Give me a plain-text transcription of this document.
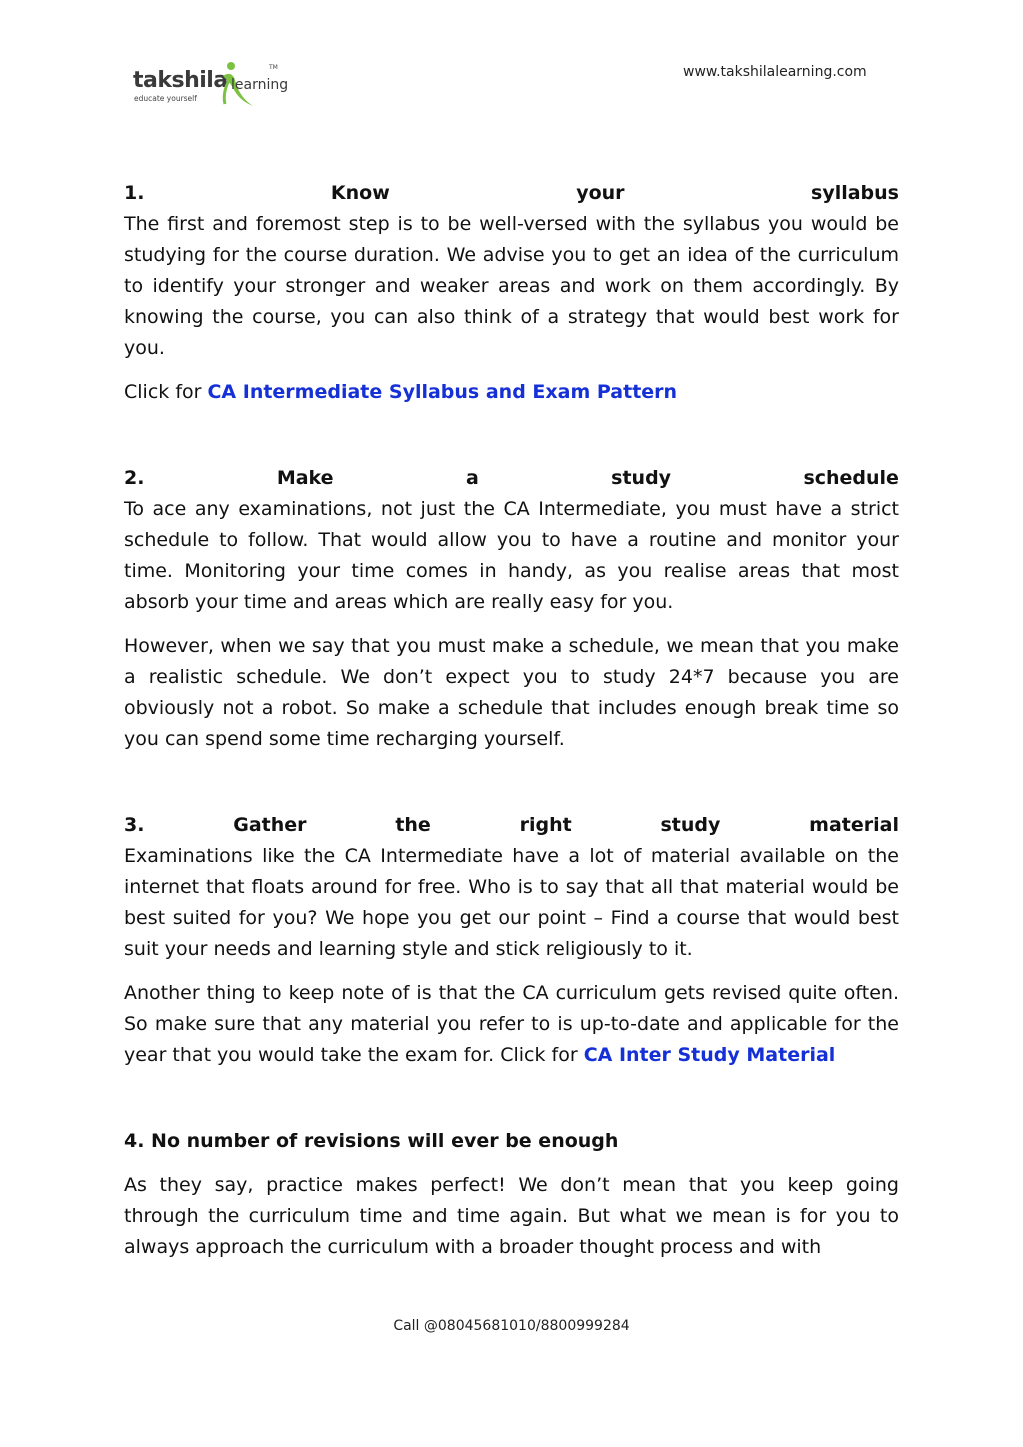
takshila learning
TM
educate yourself
www.takshilalearning.com
1.	Know	your	syllabus

The first and foremost step is to be well-versed with the syllabus you would be studying for the course duration. We advise you to get an idea of the curriculum to identify your stronger and weaker areas and work on them accordingly. By knowing the course, you can also think of a strategy that would best work for you.

Click for CA Intermediate Syllabus and Exam Pattern

2.	Make	a	study	schedule

To ace any examinations, not just the CA Intermediate, you must have a strict schedule to follow. That would allow you to have a routine and monitor your time. Monitoring your time comes in handy, as you realise areas that most absorb your time and areas which are really easy for you.

However, when we say that you must make a schedule, we mean that you make a realistic schedule. We don’t expect you to study 24*7 because you are obviously not a robot. So make a schedule that includes enough break time so you can spend some time recharging yourself.

3.	Gather	the	right	study	material

Examinations like the CA Intermediate have a lot of material available on the internet that floats around for free. Who is to say that all that material would be best suited for you? We hope you get our point – Find a course that would best suit your needs and learning style and stick religiously to it.

Another thing to keep note of is that the CA curriculum gets revised quite often. So make sure that any material you refer to is up-to-date and applicable for the year that you would take the exam for. Click for CA Inter Study Material

4. No number of revisions will ever be enough

As they say, practice makes perfect! We don’t mean that you keep going through the curriculum time and time again. But what we mean is for you to always approach the curriculum with a broader thought process and with

Call @08045681010/8800999284
